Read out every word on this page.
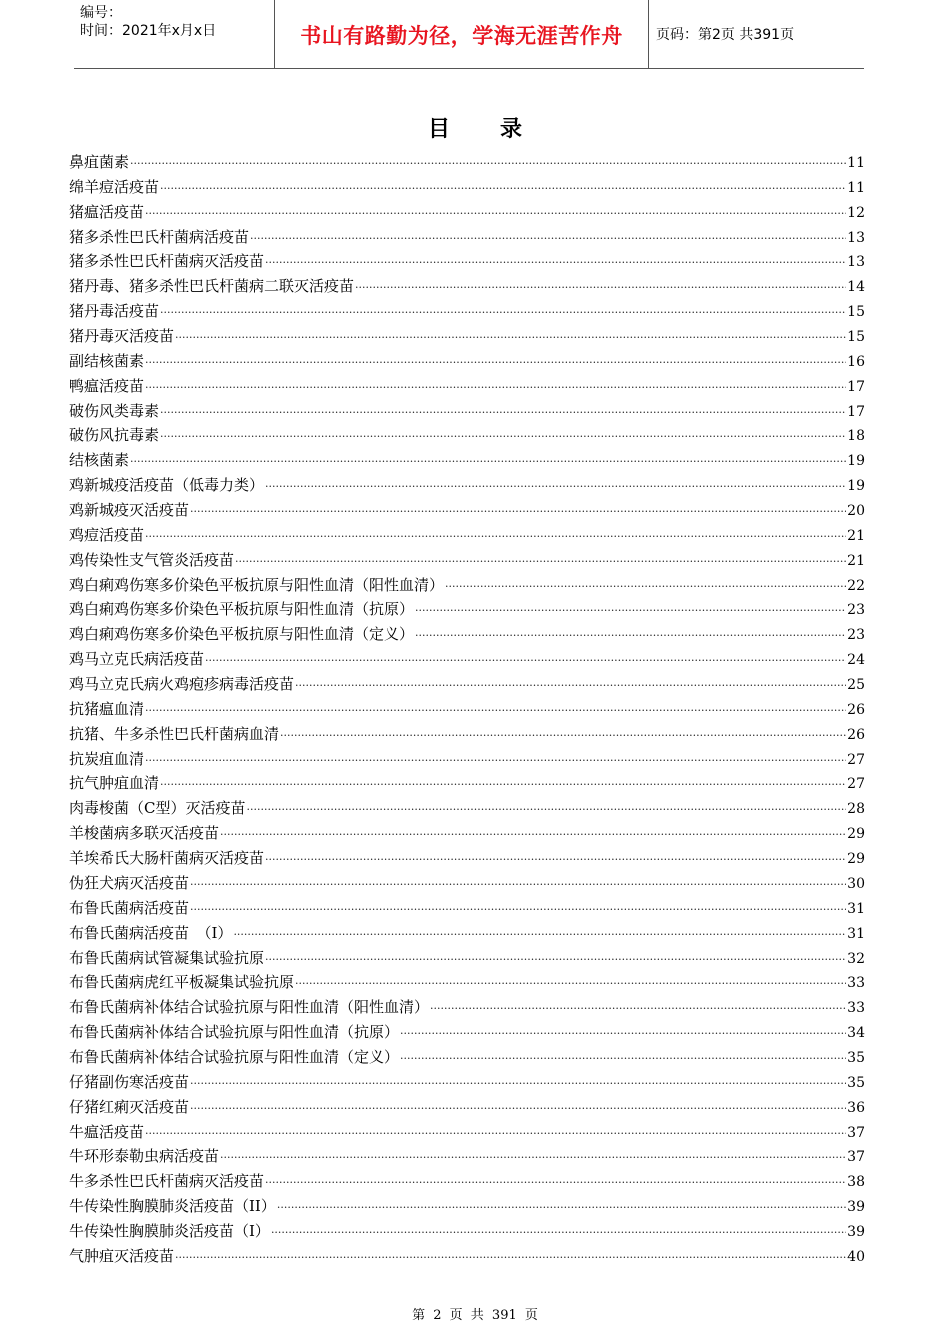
编号：
时间：2021年x月x日	书山有路勤为径，学海无涯苦作舟	页码：第2页 共391页
目录
鼻疽菌素 ·····	11
绵羊痘活疫苗 ·····	11
猪瘟活疫苗 ·····	12
猪多杀性巴氏杆菌病活疫苗 ·····	13
猪多杀性巴氏杆菌病灭活疫苗 ·····	13
猪丹毒、猪多杀性巴氏杆菌病二联灭活疫苗 ·····	14
猪丹毒活疫苗 ·····	15
猪丹毒灭活疫苗 ·····	15
副结核菌素 ·····	16
鸭瘟活疫苗 ·····	17
破伤风类毒素 ·····	17
破伤风抗毒素 ·····	18
结核菌素 ·····	19
鸡新城疫活疫苗（低毒力类） ·····	19
鸡新城疫灭活疫苗 ·····	20
鸡痘活疫苗 ·····	21
鸡传染性支气管炎活疫苗 ·····	21
鸡白痢鸡伤寒多价染色平板抗原与阳性血清（阳性血清） ·····	22
鸡白痢鸡伤寒多价染色平板抗原与阳性血清（抗原） ·····	23
鸡白痢鸡伤寒多价染色平板抗原与阳性血清（定义） ·····	23
鸡马立克氏病活疫苗 ·····	24
鸡马立克氏病火鸡疱疹病毒活疫苗 ·····	25
抗猪瘟血清 ·····	26
抗猪、牛多杀性巴氏杆菌病血清 ·····	26
抗炭疽血清 ·····	27
抗气肿疽血清 ·····	27
肉毒梭菌（C型）灭活疫苗 ·····	28
羊梭菌病多联灭活疫苗 ·····	29
羊埃希氏大肠杆菌病灭活疫苗 ·····	29
伪狂犬病灭活疫苗 ·····	30
布鲁氏菌病活疫苗 ·····	31
布鲁氏菌病活疫苗　（I） ·····	31
布鲁氏菌病试管凝集试验抗原 ·····	32
布鲁氏菌病虎红平板凝集试验抗原 ·····	33
布鲁氏菌病补体结合试验抗原与阳性血清（阳性血清） ·····	33
布鲁氏菌病补体结合试验抗原与阳性血清（抗原） ·····	34
布鲁氏菌病补体结合试验抗原与阳性血清（定义） ·····	35
仔猪副伤寒活疫苗 ·····	35
仔猪红痢灭活疫苗 ·····	36
牛瘟活疫苗 ·····	37
牛环形泰勒虫病活疫苗 ·····	37
牛多杀性巴氏杆菌病灭活疫苗 ·····	38
牛传染性胸膜肺炎活疫苗（II） ·····	39
牛传染性胸膜肺炎活疫苗（I） ·····	39
气肿疽灭活疫苗 ·····	40
第 2 页 共 391 页
